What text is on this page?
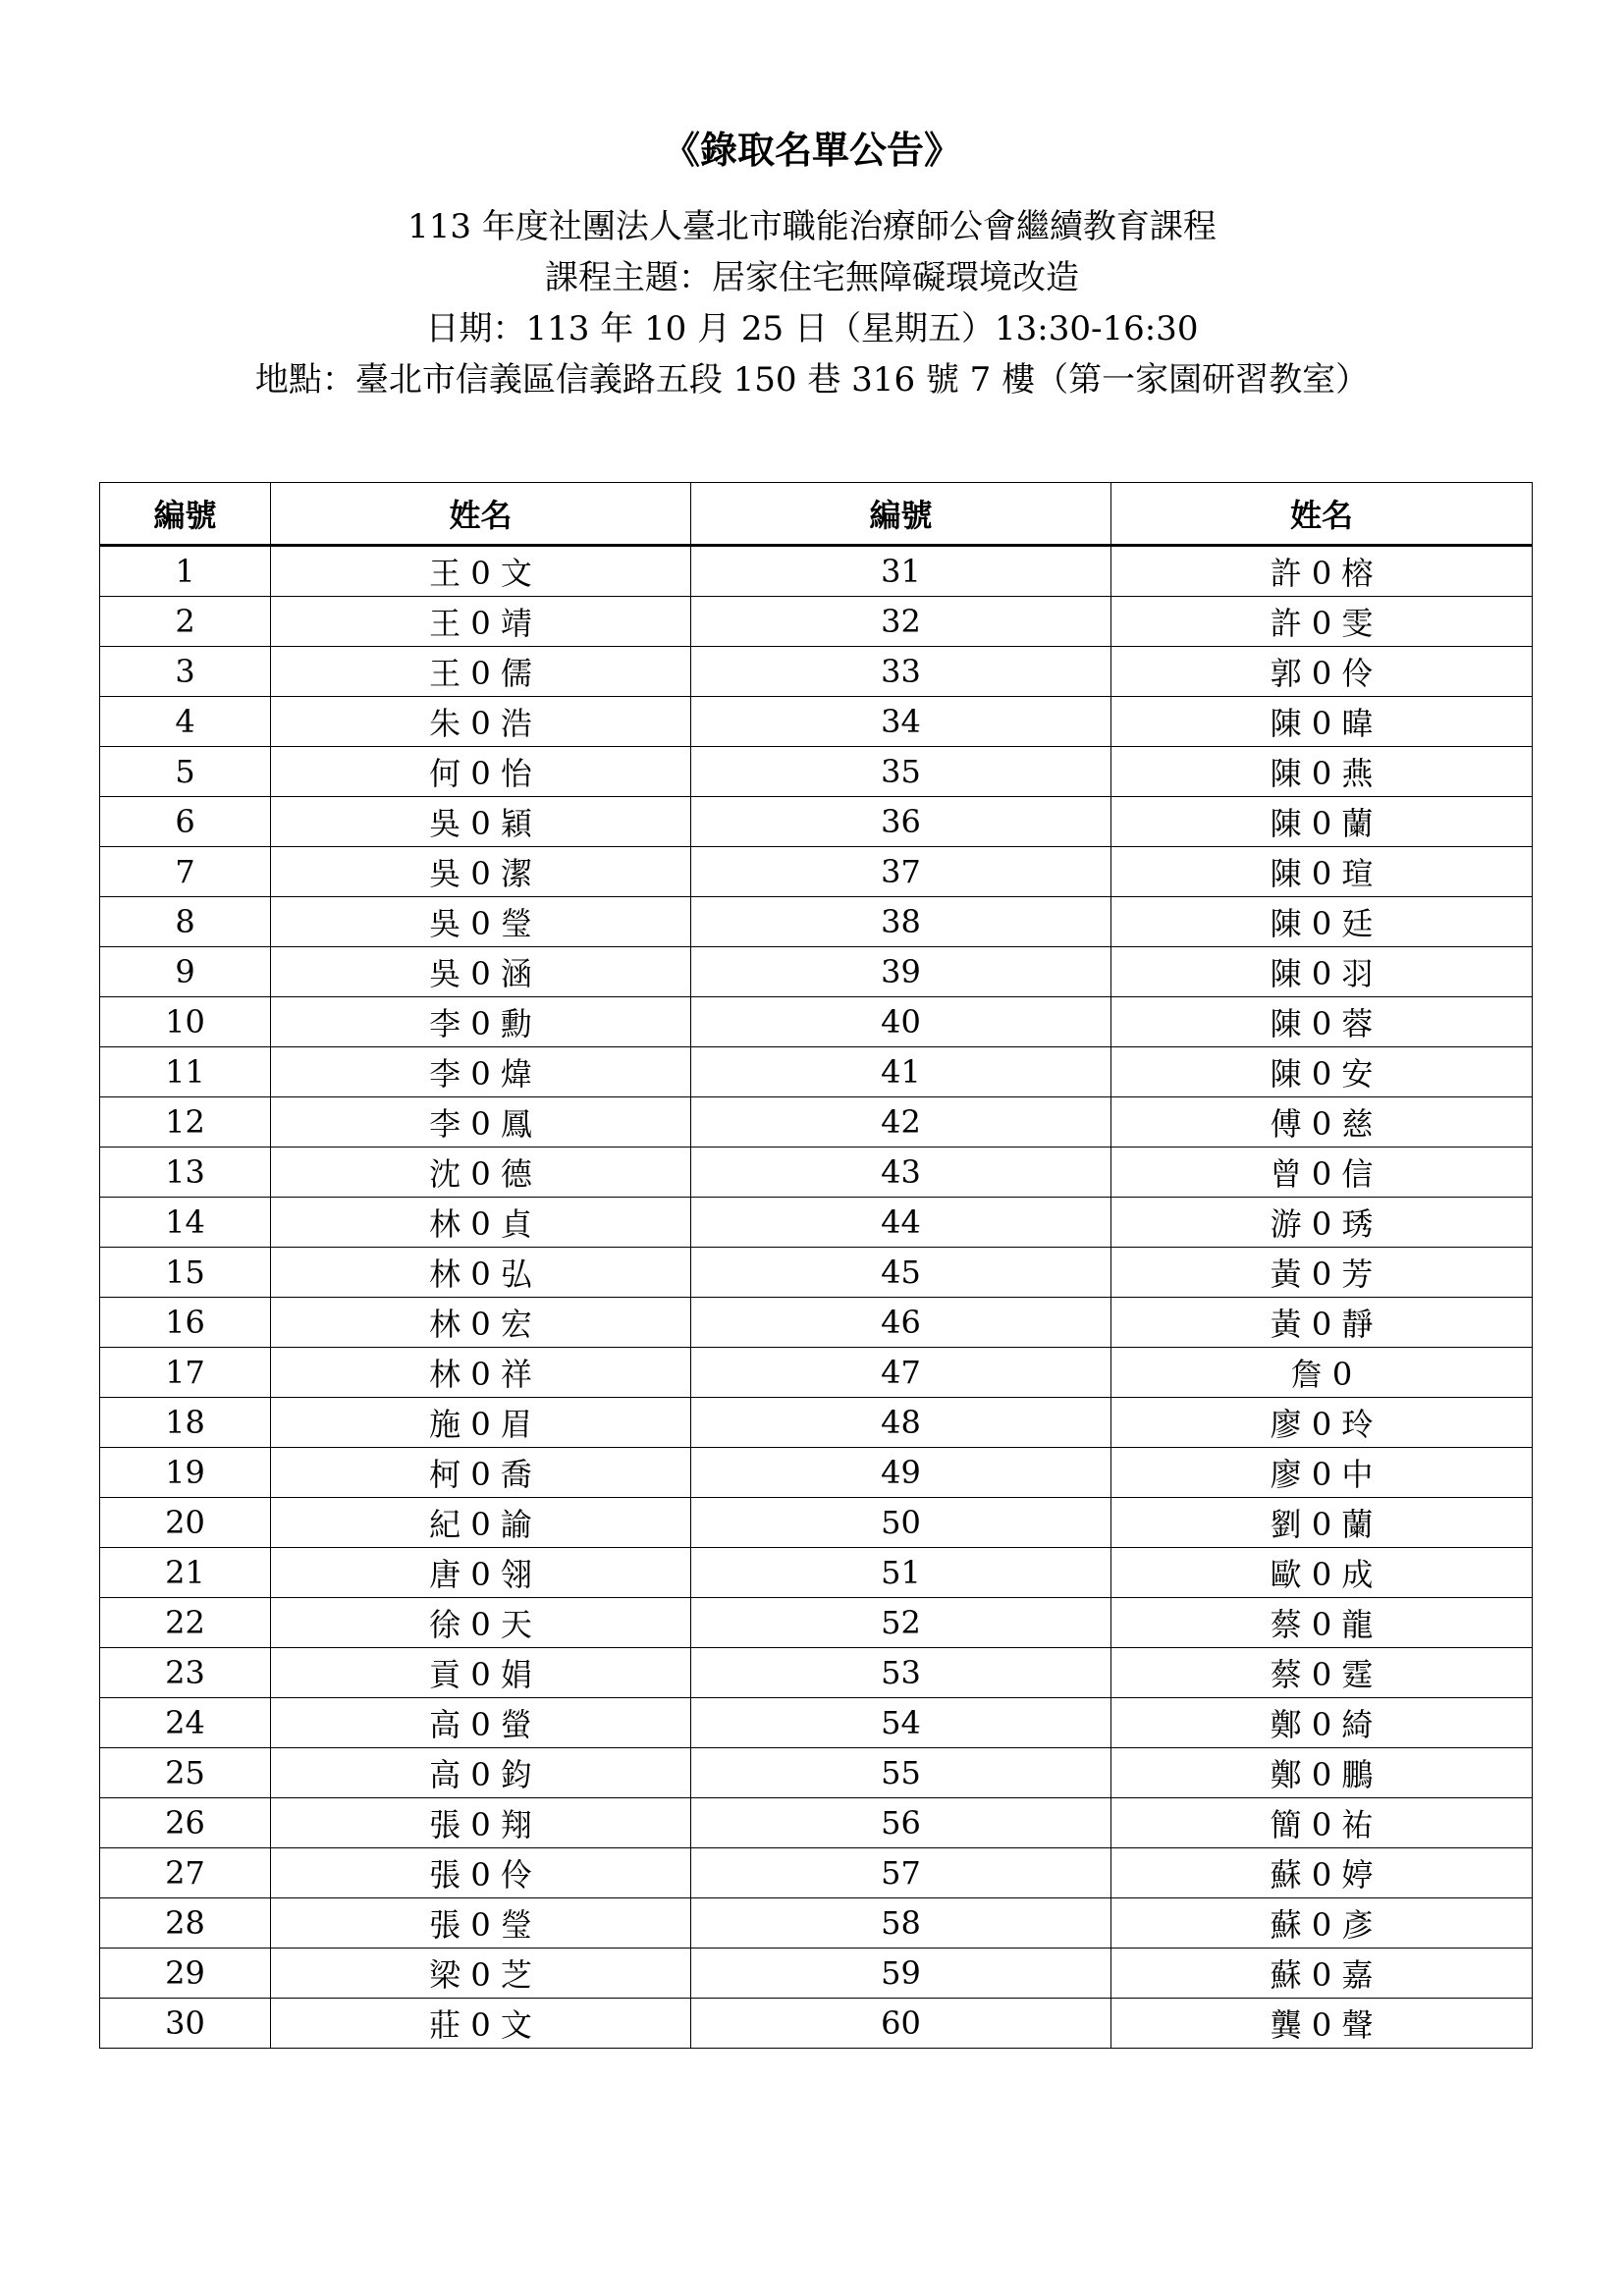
《錄取名單公告》
113 年度社團法人臺北市職能治療師公會繼續教育課程
課程主題：居家住宅無障礙環境改造
日期：113 年 10 月 25 日（星期五）13:30-16:30
地點：臺北市信義區信義路五段 150 巷 316 號 7 樓（第一家園研習教室）
編號	姓名	編號	姓名
1	王 0 文	31	許 0 榕
2	王 0 靖	32	許 0 雯
3	王 0 儒	33	郭 0 伶
4	朱 0 浩	34	陳 0 暐
5	何 0 怡	35	陳 0 燕
6	吳 0 穎	36	陳 0 蘭
7	吳 0 潔	37	陳 0 瑄
8	吳 0 瑩	38	陳 0 廷
9	吳 0 涵	39	陳 0 羽
10	李 0 勳	40	陳 0 蓉
11	李 0 煒	41	陳 0 安
12	李 0 鳳	42	傅 0 慈
13	沈 0 德	43	曾 0 信
14	林 0 貞	44	游 0 琇
15	林 0 弘	45	黃 0 芳
16	林 0 宏	46	黃 0 靜
17	林 0 祥	47	詹 0
18	施 0 眉	48	廖 0 玲
19	柯 0 喬	49	廖 0 中
20	紀 0 諭	50	劉 0 蘭
21	唐 0 翎	51	歐 0 成
22	徐 0 天	52	蔡 0 龍
23	貢 0 娟	53	蔡 0 霆
24	高 0 螢	54	鄭 0 綺
25	高 0 鈞	55	鄭 0 鵬
26	張 0 翔	56	簡 0 祐
27	張 0 伶	57	蘇 0 婷
28	張 0 瑩	58	蘇 0 彥
29	梁 0 芝	59	蘇 0 嘉
30	莊 0 文	60	龔 0 聲
